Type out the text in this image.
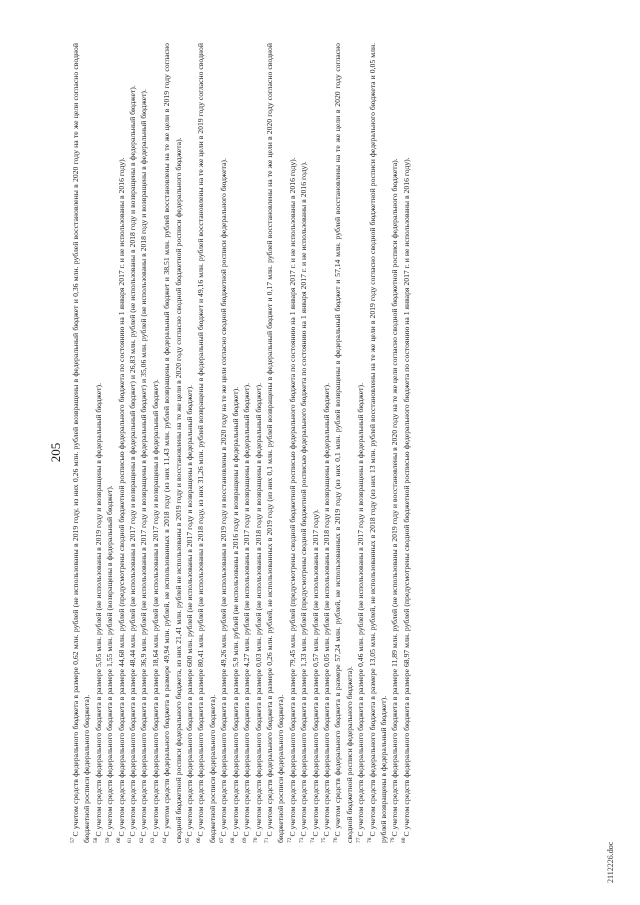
205

$^{57}$С учетом средств федерального бюджета в размере 0,62 млн. рублей (не использованы в 2019 году, из них 0,26 млн. рублей возвращены в федеральный бюджет и 0,36 млн. рублей восстановлены в 2020 году на те же цели согласно сводной бюджетной росписи федерального бюджета). $^{58}$С учетом средств федерального бюджета в размере 5,05 млн. рублей (не использованы в 2019 году и возвращены в федеральный бюджет).

$^{59}$С учетом средств федерального бюджета в размере 1,55 млн. рублей (возвращены в федеральный бюджет).

$^{60}$С учетом средств федерального бюджета в размере 44,68 млн. рублей (предусмотрены сводной бюджетной росписью федерального бюджета по состоянию на 1 января 2017 г. и не использованы в 2016 году).

$^{61}$С учетом средств федерального бюджета в размере 48,44 млн. рублей (не использованы в 2017 году и возвращены в федеральный бюджет) и 26,83 млн. рублей (не использованы в 2018 году и возвращены в федеральный бюджет).

$^{62}$С учетом средств федерального бюджета в размере 36,9 млн. рублей (не использованы в 2017 году и возвращены в федеральный бюджет) и 35,06 млн. рублей (не использованы в 2018 году и возвращены в федеральный бюджет).

$^{63}$С учетом средств федерального бюджета в размере 18,64 млн. рублей (не использованы в 2017 году и возвращены в федеральный бюджет).

$^{64}$С учетом средств федерального бюджета в размере 49,94 млн. рублей, не использованных в 2018 году (из них 11,43 млн. рублей возвращены в федеральный бюджет и 38,51 млн. рублей восстановлены на те же цели в 2019 году согласно сводной бюджетной росписи федерального бюджета, из них 21,41 млн. рублей не использованы в 2019 году и восстановлены на те же цели в 2020 году согласно сводной бюджетной росписи федерального бюджета). $^{65}$С учетом средств федерального бюджета в размере 600 млн. рублей (не использованы в 2017 году и возвращены в федеральный бюджет).

$^{66}$С учетом средств федерального бюджета в размере 80,41 млн. рублей (не использованы в 2018 году, из них 31,26 млн. рублей возвращены в федеральный бюджет и 49,16 млн. рублей восстановлены на те же цели в 2019 году согласно сводной бюджетной росписи федерального бюджета). $^{67}$С учетом средств федерального бюджета в размере 49,26 млн. рублей (не использованы в 2019 году и восстановлены в 2020 году на те же цели согласно сводной бюджетной росписи федерального бюджета).

$^{68}$С учетом средств федерального бюджета в размере 5,9 млн. рублей (не использованы в 2016 году и возвращены в федеральный бюджет).

$^{69}$С учетом средств федерального бюджета в размере 4,27 млн. рублей (не использованы в 2017 году и возвращены в федеральный бюджет).

$^{70}$С учетом средств федерального бюджета в размере 0,03 млн. рублей (не использованы в 2018 году и возвращены в федеральный бюджет).

$^{71}$С учетом средств федерального бюджета в размере 0,26 млн. рублей, не использованных в 2019 году (из них 0,1 млн. рублей возвращены в федеральный бюджет и 0,17 млн. рублей восстановлены на те же цели в 2020 году согласно сводной бюджетной росписи федерального бюджета). $^{72}$С учетом средств федерального бюджета в размере 79,45 млн. рублей (предусмотрены сводной бюджетной росписью федерального бюджета по состоянию на 1 января 2017 г. и не использованы в 2016 году).

$^{73}$С учетом средств федерального бюджета в размере 1,33 млн. рублей (предусмотрены сводной бюджетной росписью федерального бюджета по состоянию на 1 января 2017 г. и не использованы в 2016 году).

$^{74}$С учетом средств федерального бюджета в размере 0,57 млн. рублей (не использованы в 2017 году).

$^{75}$С учетом средств федерального бюджета в размере 0,05 млн. рублей (не использованы в 2018 году и возвращены в федеральный бюджет).

$^{76}$С учетом средств федерального бюджета в размере 57,24 млн. рублей, не использованных в 2019 году (из них 0,1 млн. рублей возвращены в федеральный бюджет и 57,14 млн. рублей восстановлены на те же цели в 2020 году согласно сводной бюджетной росписи федерального бюджета). $^{77}$С учетом средств федерального бюджета в размере 0,46 млн. рублей (не использованы в 2017 году и возвращены в федеральный бюджет).

$^{78}$С учетом средств федерального бюджета в размере 13,05 млн. рублей, не использованных в 2018 году (из них 13 млн. рублей восстановлены на те же цели в 2019 году согласно сводной бюджетной росписи федерального бюджета и 0,05 млн. рублей возвращены в федеральный бюджет). $^{79}$С учетом средств федерального бюджета в размере 11,89 млн. рублей (не использованы в 2019 году и восстановлены в 2020 году на те же цели согласно сводной бюджетной росписи федерального бюджета).

$^{80}$С учетом средств федерального бюджета в размере 68,97 млн. рублей (предусмотрены сводной бюджетной росписью федерального бюджета по состоянию на 1 января 2017 г. и не использованы в 2016 году).

2112226.doc
